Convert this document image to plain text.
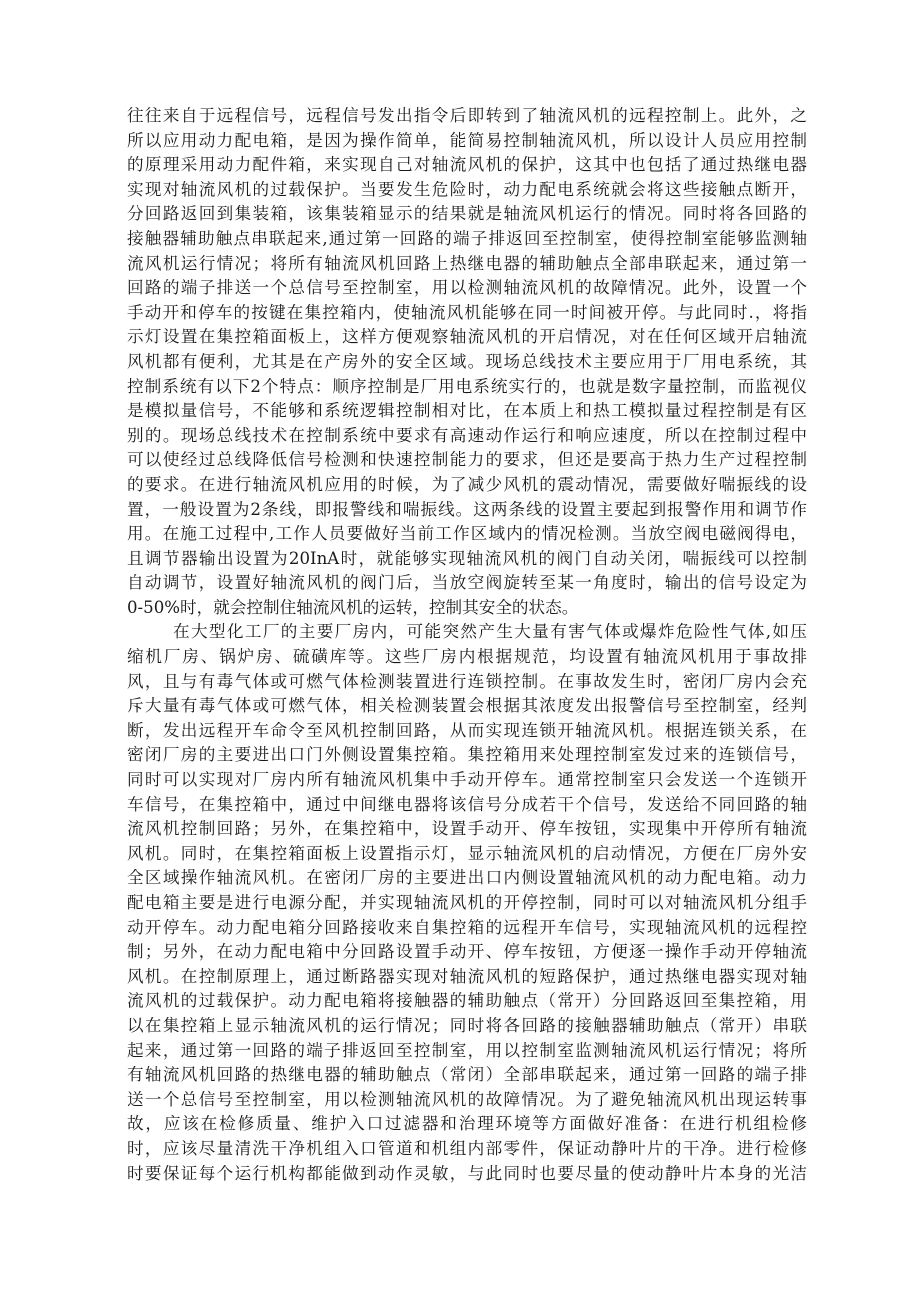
往往来自于远程信号，远程信号发出指令后即转到了轴流风机的远程控制上。此外，之
所以应用动力配电箱，是因为操作简单，能简易控制轴流风机，所以设计人员应用控制
的原理采用动力配件箱，来实现自己对轴流风机的保护，这其中也包括了通过热继电器
实现对轴流风机的过载保护。当要发生危险时，动力配电系统就会将这些接触点断开，
分回路返回到集装箱，该集装箱显示的结果就是轴流风机运行的情况。同时将各回路的
接触器辅助触点串联起来,通过第一回路的端子排返回至控制室，使得控制室能够监测轴
流风机运行情况；将所有轴流风机回路上热继电器的辅助触点全部串联起来，通过第一
回路的端子排送一个总信号至控制室，用以检测轴流风机的故障情况。此外，设置一个
手动开和停车的按键在集控箱内，使轴流风机能够在同一时间被开停。与此同时.，将指
示灯设置在集控箱面板上，这样方便观察轴流风机的开启情况，对在任何区域开启轴流
风机都有便利，尤其是在产房外的安全区域。现场总线技术主要应用于厂用电系统，其
控制系统有以下2个特点：顺序控制是厂用电系统实行的，也就是数字量控制，而监视仪
是模拟量信号，不能够和系统逻辑控制相对比，在本质上和热工模拟量过程控制是有区
别的。现场总线技术在控制系统中要求有高速动作运行和响应速度，所以在控制过程中
可以使经过总线降低信号检测和快速控制能力的要求，但还是要高于热力生产过程控制
的要求。在进行轴流风机应用的时候，为了减少风机的震动情况，需要做好喘振线的设
置，一般设置为2条线，即报警线和喘振线。这两条线的设置主要起到报警作用和调节作
用。在施工过程中,工作人员要做好当前工作区域内的情况检测。当放空阀电磁阀得电，
且调节器输出设置为20InA时，就能够实现轴流风机的阀门自动关闭，喘振线可以控制
自动调节，设置好轴流风机的阀门后，当放空阀旋转至某一角度时，输出的信号设定为
0-50%时，就会控制住轴流风机的运转，控制其安全的状态。
在大型化工厂的主要厂房内，可能突然产生大量有害气体或爆炸危险性气体,如压
缩机厂房、锅炉房、硫磺库等。这些厂房内根据规范，均设置有轴流风机用于事故排
风，且与有毒气体或可燃气体检测装置进行连锁控制。在事故发生时，密闭厂房内会充
斥大量有毒气体或可燃气体，相关检测装置会根据其浓度发出报警信号至控制室，经判
断，发出远程开车命令至风机控制回路，从而实现连锁开轴流风机。根据连锁关系，在
密闭厂房的主要进出口门外侧设置集控箱。集控箱用来处理控制室发过来的连锁信号，
同时可以实现对厂房内所有轴流风机集中手动开停车。通常控制室只会发送一个连锁开
车信号，在集控箱中，通过中间继电器将该信号分成若干个信号，发送给不同回路的轴
流风机控制回路；另外，在集控箱中，设置手动开、停车按钮，实现集中开停所有轴流
风机。同时，在集控箱面板上设置指示灯，显示轴流风机的启动情况，方便在厂房外安
全区域操作轴流风机。在密闭厂房的主要进出口内侧设置轴流风机的动力配电箱。动力
配电箱主要是进行电源分配，并实现轴流风机的开停控制，同时可以对轴流风机分组手
动开停车。动力配电箱分回路接收来自集控箱的远程开车信号，实现轴流风机的远程控
制；另外，在动力配电箱中分回路设置手动开、停车按钮，方便逐一操作手动开停轴流
风机。在控制原理上，通过断路器实现对轴流风机的短路保护，通过热继电器实现对轴
流风机的过载保护。动力配电箱将接触器的辅助触点（常开）分回路返回至集控箱，用
以在集控箱上显示轴流风机的运行情况；同时将各回路的接触器辅助触点（常开）串联
起来，通过第一回路的端子排返回至控制室，用以控制室监测轴流风机运行情况；将所
有轴流风机回路的热继电器的辅助触点（常闭）全部串联起来，通过第一回路的端子排
送一个总信号至控制室，用以检测轴流风机的故障情况。为了避免轴流风机出现运转事
故，应该在检修质量、维护入口过滤器和治理环境等方面做好准备：在进行机组检修
时，应该尽量清洗干净机组入口管道和机组内部零件，保证动静叶片的干净。进行检修
时要保证每个运行机构都能做到动作灵敏，与此同时也要尽量的使动静叶片本身的光洁
